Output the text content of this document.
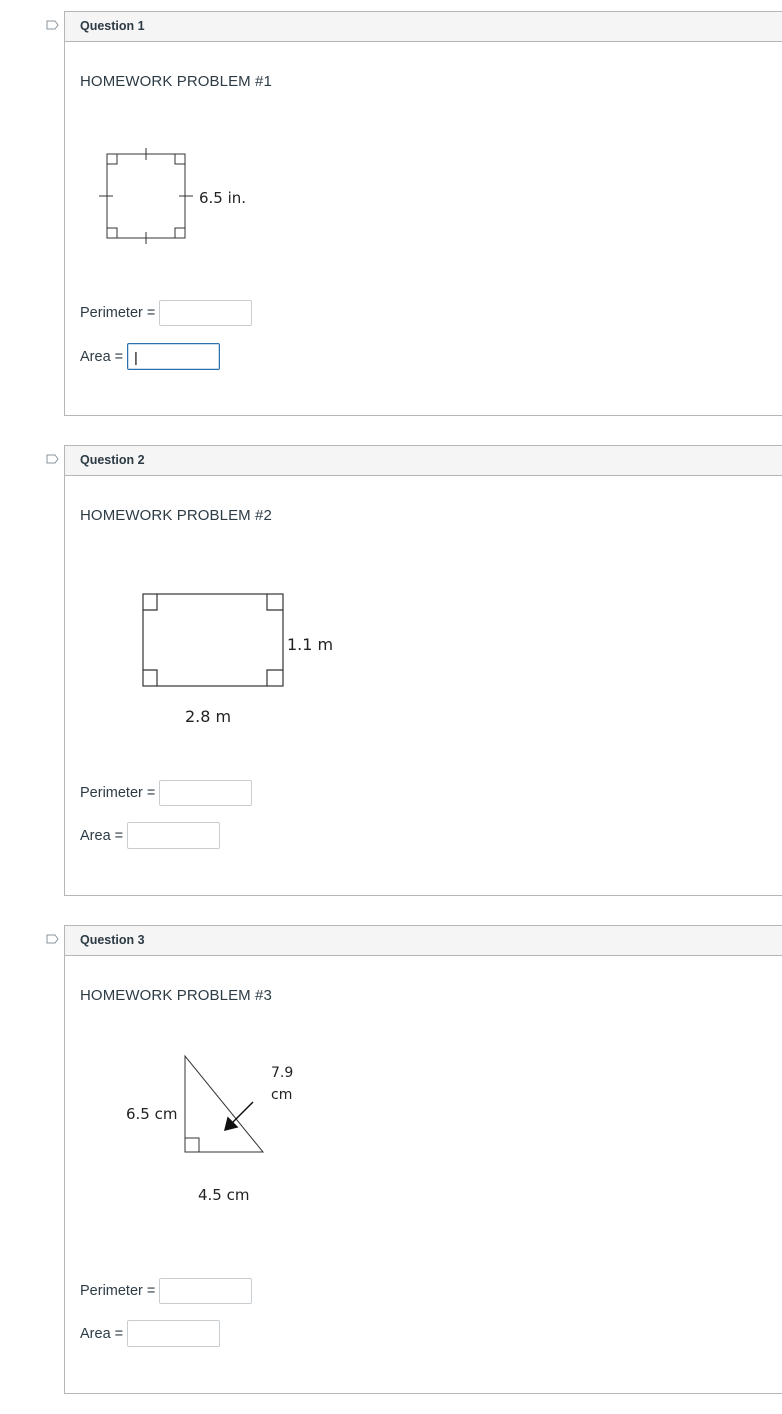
Question 1
HOMEWORK PROBLEM #1
6.5 in.
Perimeter =
Area =
|
Question 2
HOMEWORK PROBLEM #2
1.1 m
2.8 m
Perimeter =
Area =
Question 3
HOMEWORK PROBLEM #3
6.5 cm
7.9
cm
4.5 cm
Perimeter =
Area =
